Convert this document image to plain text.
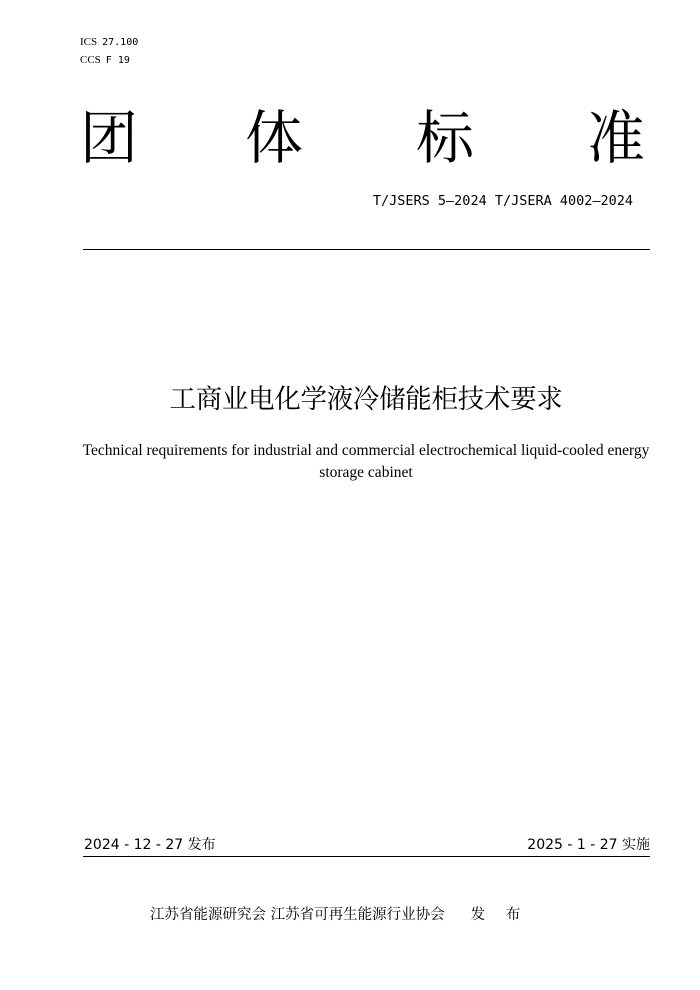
ICS 27.100
CCS F 19
团 体 标 准
T/JSERS 5—2024 T/JSERA 4002—2024
工商业电化学液冷储能柜技术要求
Technical requirements for industrial and commercial electrochemical liquid-cooled energy storage cabinet
2024 - 12 - 27 发布	2025 - 1 - 27 实施
江苏省能源研究会 江苏省可再生能源行业协会 发 布
